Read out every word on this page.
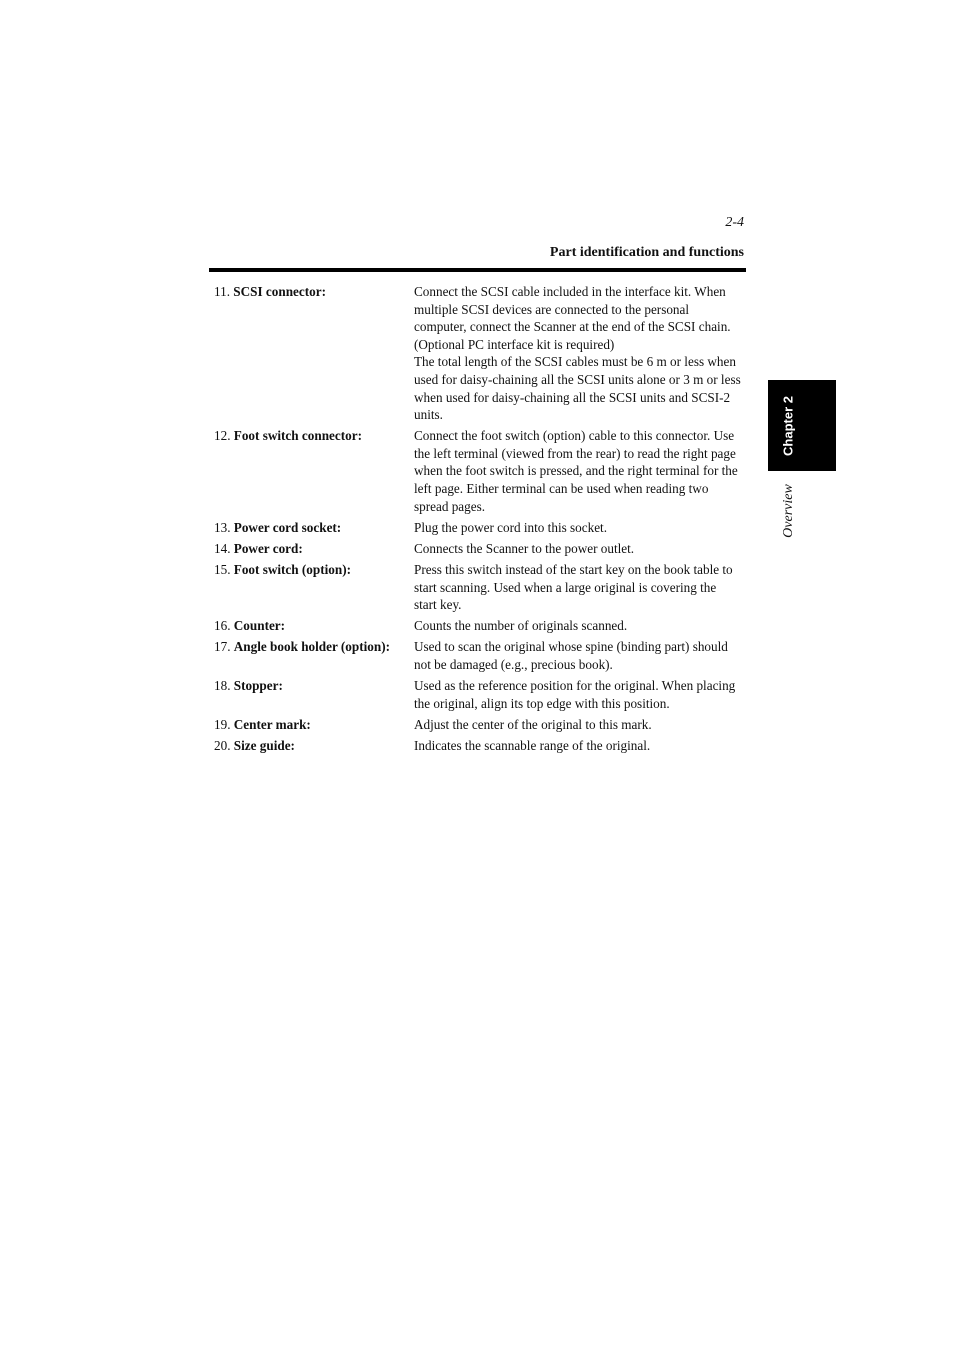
2-4
Part identification and functions
11. SCSI connector:	Connect the SCSI cable included in the interface kit. When multiple SCSI devices are connected to the personal computer, connect the Scanner at the end of the SCSI chain. (Optional PC interface kit is required)

The total length of the SCSI cables must be 6 m or less when used for daisy-chaining all the SCSI units alone or 3 m or less when used for daisy-chaining all the SCSI units and SCSI-2 units.

12. Foot switch connector:	Connect the foot switch (option) cable to this connector. Use the left terminal (viewed from the rear) to read the right page when the foot switch is pressed, and the right terminal for the left page. Either terminal can be used when reading two spread pages.

13. Power cord socket:	Plug the power cord into this socket.

14. Power cord:	Connects the Scanner to the power outlet.

15. Foot switch (option):	Press this switch instead of the start key on the book table to start scanning. Used when a large original is covering the start key.

16. Counter:	Counts the number of originals scanned.

17. Angle book holder (option):	Used to scan the original whose spine (binding part) should not be damaged (e.g., precious book).

18. Stopper:	Used as the reference position for the original. When placing the original, align its top edge with this position.

19. Center mark:	Adjust the center of the original to this mark.

20. Size guide:	Indicates the scannable range of the original.

Chapter 2
Overview
